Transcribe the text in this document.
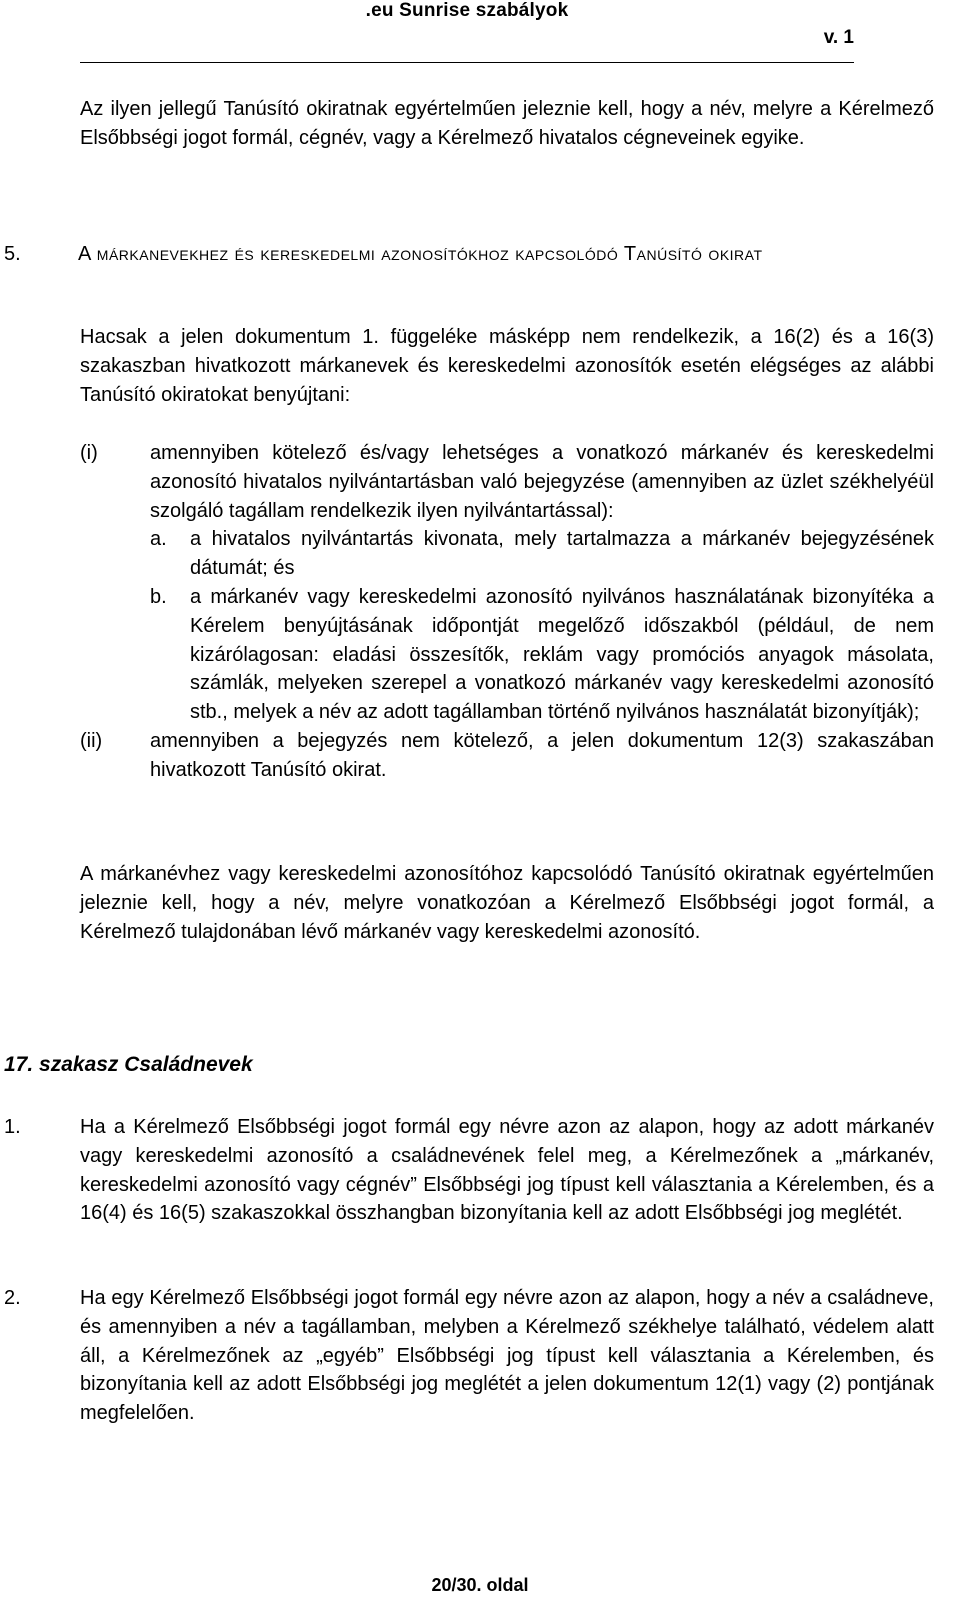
.eu Sunrise szabályok
v. 1
Az ilyen jellegű Tanúsító okiratnak egyértelműen jeleznie kell, hogy a név, melyre a Kérelmező Elsőbbségi jogot formál, cégnév, vagy a Kérelmező hivatalos cégneveinek egyike.
5.	A márkanevekhez és kereskedelmi azonosítókhoz kapcsolódó Tanúsító okirat
Hacsak a jelen dokumentum 1. függeléke másképp nem rendelkezik, a 16(2) és a 16(3) szakaszban hivatkozott márkanevek és kereskedelmi azonosítók esetén elégséges az alábbi Tanúsító okiratokat benyújtani:
(i)	amennyiben kötelező és/vagy lehetséges a vonatkozó márkanév és kereskedelmi azonosító hivatalos nyilvántartásban való bejegyzése (amennyiben az üzlet székhelyéül szolgáló tagállam rendelkezik ilyen nyilvántartással):
a. a hivatalos nyilvántartás kivonata, mely tartalmazza a márkanév bejegyzésének dátumát; és
b. a márkanév vagy kereskedelmi azonosító nyilvános használatának bizonyítéka a Kérelem benyújtásának időpontját megelőző időszakból (például, de nem kizárólagosan: eladási összesítők, reklám vagy promóciós anyagok másolata, számlák, melyeken szerepel a vonatkozó márkanév vagy kereskedelmi azonosító stb., melyek a név az adott tagállamban történő nyilvános használatát bizonyítják);
(ii) amennyiben a bejegyzés nem kötelező, a jelen dokumentum 12(3) szakaszában hivatkozott Tanúsító okirat.
A márkanévhez vagy kereskedelmi azonosítóhoz kapcsolódó Tanúsító okiratnak egyértelműen jeleznie kell, hogy a név, melyre vonatkozóan a Kérelmező Elsőbbségi jogot formál, a Kérelmező tulajdonában lévő márkanév vagy kereskedelmi azonosító.
17. szakasz Családnevek
1.	Ha a Kérelmező Elsőbbségi jogot formál egy névre azon az alapon, hogy az adott márkanév vagy kereskedelmi azonosító a családnevének felel meg, a Kérelmezőnek a „márkanév, kereskedelmi azonosító vagy cégnév” Elsőbbségi jog típust kell választania a Kérelemben, és a 16(4) és 16(5) szakaszokkal összhangban bizonyítania kell az adott Elsőbbségi jog meglétét.
2.	Ha egy Kérelmező Elsőbbségi jogot formál egy névre azon az alapon, hogy a név a családneve, és amennyiben a név a tagállamban, melyben a Kérelmező székhelye található, védelem alatt áll, a Kérelmezőnek az „egyéb” Elsőbbségi jog típust kell választania a Kérelemben, és bizonyítania kell az adott Elsőbbségi jog meglétét a jelen dokumentum 12(1) vagy (2) pontjának megfelelően.
20/30. oldal
